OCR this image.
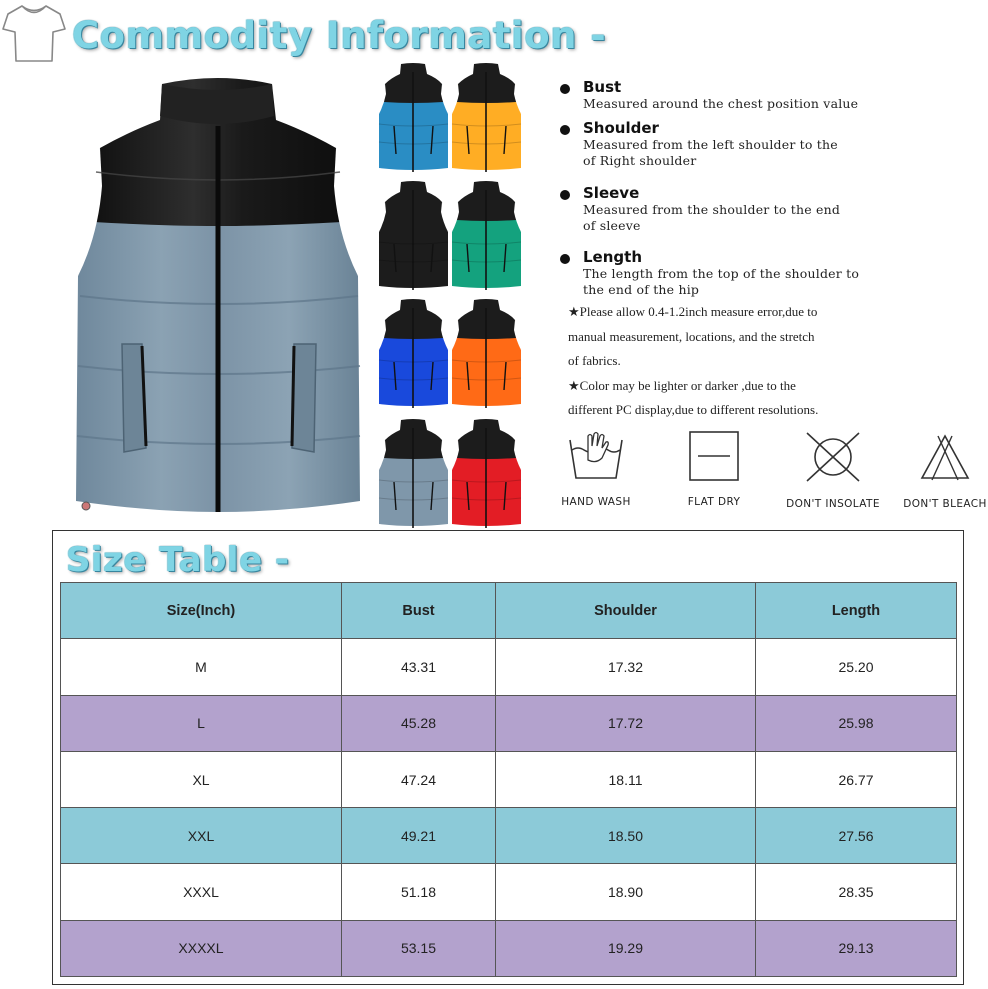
Commodity Information -
Bust
Measured around the chest position value
Shoulder
Measured from the left shoulder to the
of Right shoulder
Sleeve
Measured from the shoulder to the end
of sleeve
Length
The length from the top of the shoulder to
the end of the hip
★Please allow 0.4-1.2inch measure error,due to
manual measurement, locations, and the stretch
of fabrics.
★Color may be lighter or darker ,due to the
different PC display,due to different resolutions.
HAND WASH	FLAT DRY	DON'T INSOLATE	DON'T BLEACH
Size Table -
Size(Inch)	Bust	Shoulder	Length
M	43.31	17.32	25.20
L	45.28	17.72	25.98
XL	47.24	18.11	26.77
XXL	49.21	18.50	27.56
XXXL	51.18	18.90	28.35
XXXXL	53.15	19.29	29.13
